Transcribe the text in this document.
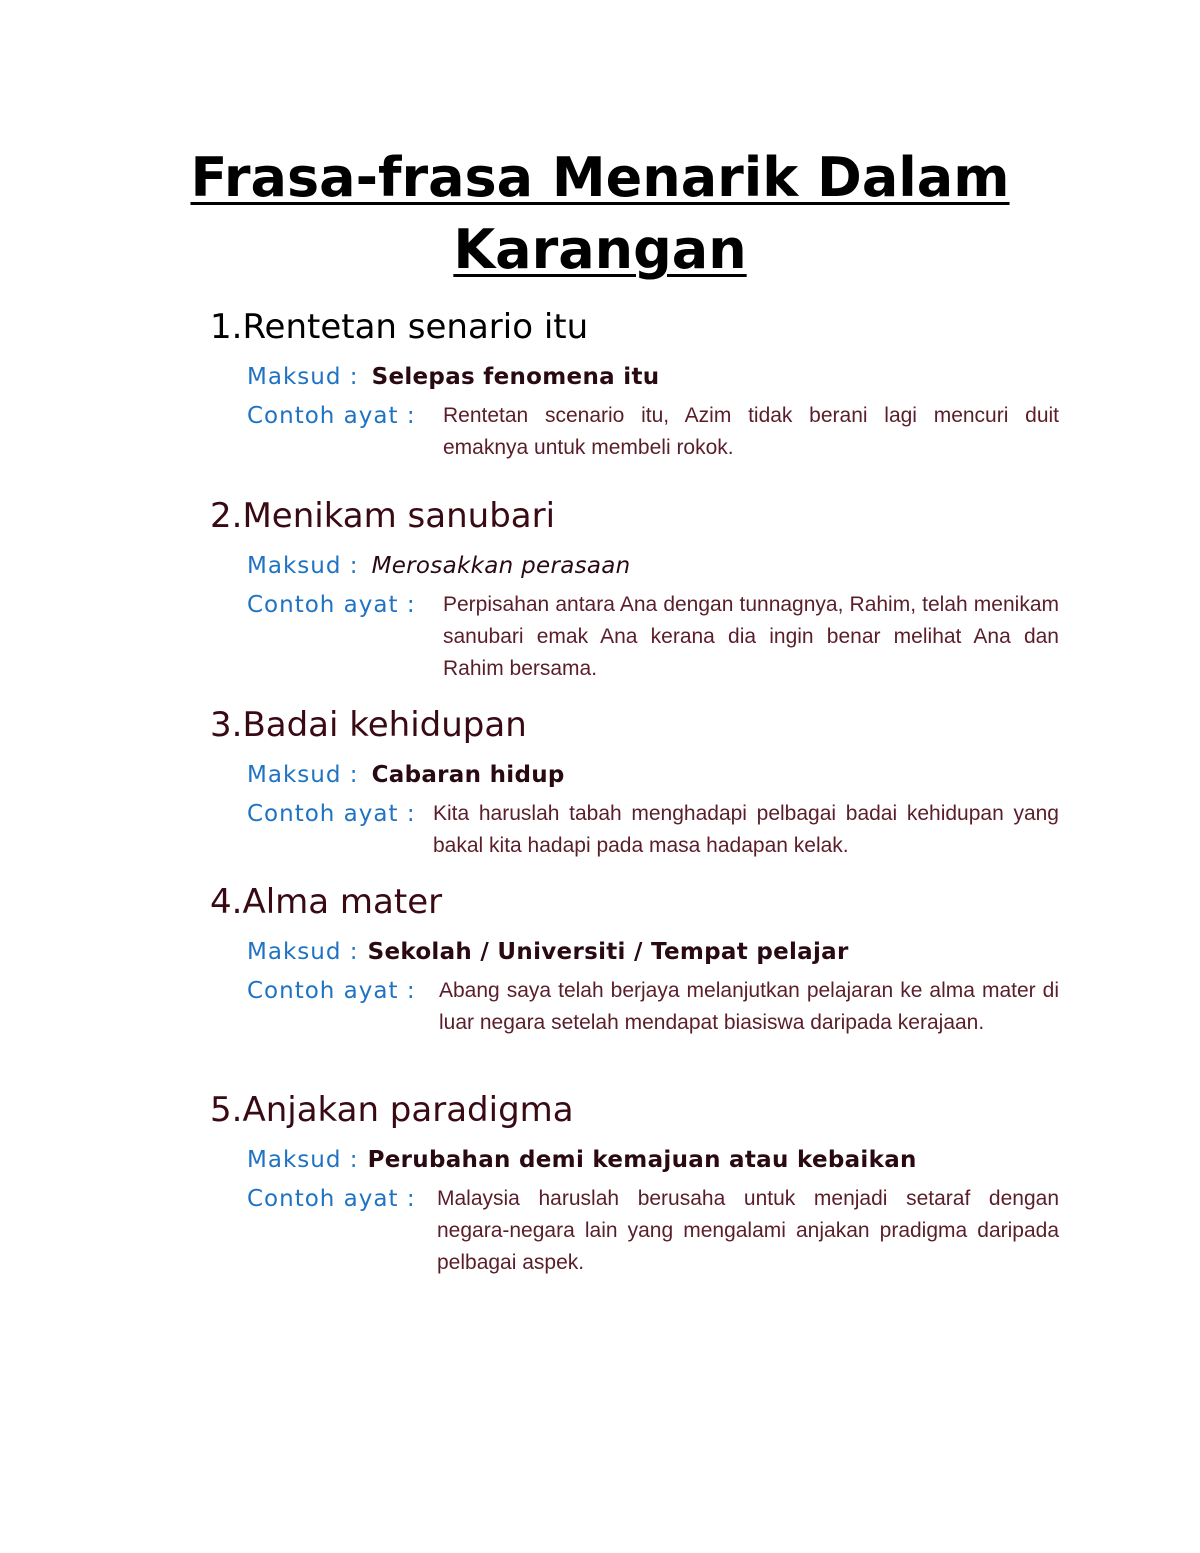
Frasa-frasa Menarik Dalam
Karangan

1.Rentetan senario itu

Maksud : Selepas fenomena itu
Contoh ayat :	Rentetan scenario itu, Azim tidak berani lagi mencuri duit emaknya untuk membeli rokok.

2.Menikam sanubari

Maksud : Merosakkan perasaan
Contoh ayat :	Perpisahan antara Ana dengan tunnagnya, Rahim, telah menikam sanubari emak Ana kerana dia ingin benar melihat Ana dan Rahim bersama.

3.Badai kehidupan

Maksud : Cabaran hidup
Contoh ayat : Kita haruslah tabah menghadapi pelbagai badai kehidupan yang bakal kita hadapi pada masa hadapan kelak.

4.Alma mater

Maksud : Sekolah / Universiti / Tempat pelajar
Contoh ayat :	Abang saya telah berjaya melanjutkan pelajaran ke alma mater di luar negara setelah mendapat biasiswa daripada kerajaan.

5.Anjakan paradigma

Maksud : Perubahan demi kemajuan atau kebaikan
Contoh ayat :	Malaysia haruslah berusaha untuk menjadi setaraf dengan negara-negara lain yang mengalami anjakan pradigma daripada pelbagai aspek.
